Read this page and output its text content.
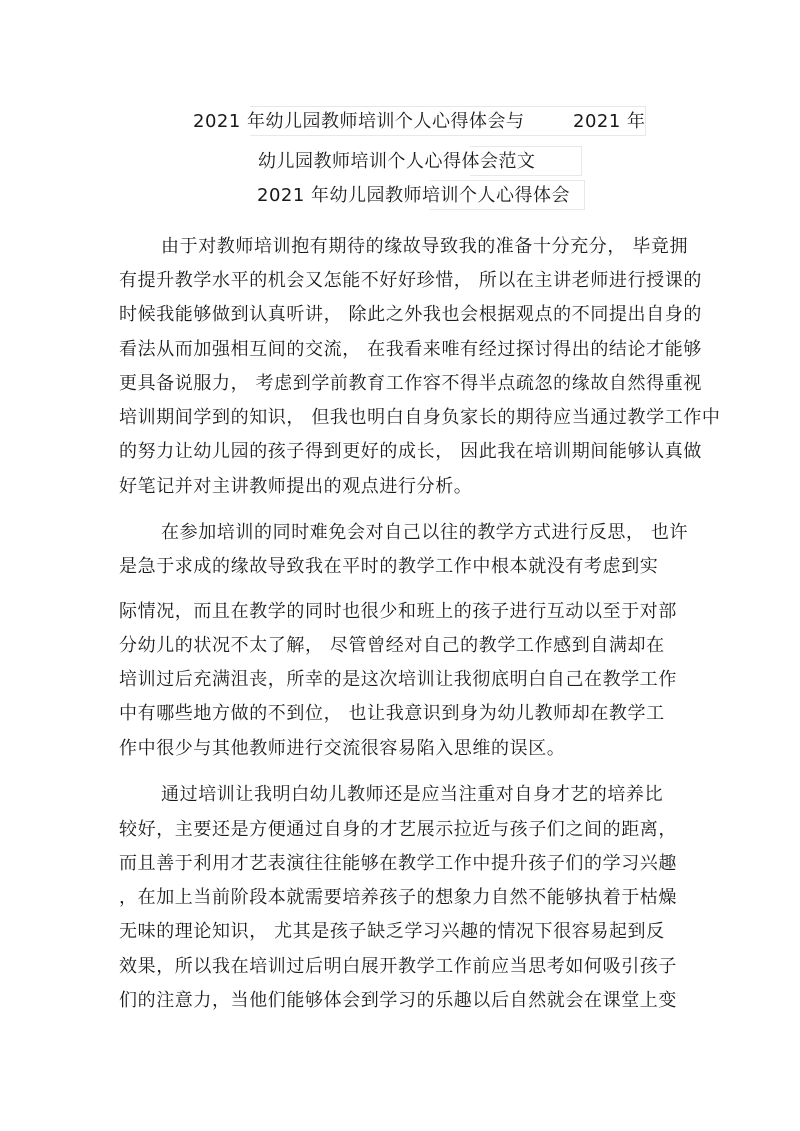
2021 年幼儿园教师培训个人心得体会与	2021 年
幼儿园教师培训个人心得体会范文
2021 年幼儿园教师培训个人心得体会
由于对教师培训抱有期待的缘故导致我的准备十分充分， 毕竟拥
有提升教学水平的机会又怎能不好好珍惜， 所以在主讲老师进行授课的
时候我能够做到认真听讲， 除此之外我也会根据观点的不同提出自身的
看法从而加强相互间的交流， 在我看来唯有经过探讨得出的结论才能够
更具备说服力， 考虑到学前教育工作容不得半点疏忽的缘故自然得重视
培训期间学到的知识， 但我也明白自身负家长的期待应当通过教学工作中
的努力让幼儿园的孩子得到更好的成长， 因此我在培训期间能够认真做
好笔记并对主讲教师提出的观点进行分析。
在参加培训的同时难免会对自己以往的教学方式进行反思， 也许
是急于求成的缘故导致我在平时的教学工作中根本就没有考虑到实
际情况，而且在教学的同时也很少和班上的孩子进行互动以至于对部
分幼儿的状况不太了解， 尽管曾经对自己的教学工作感到自满却在
培训过后充满沮丧，所幸的是这次培训让我彻底明白自己在教学工作
中有哪些地方做的不到位， 也让我意识到身为幼儿教师却在教学工
作中很少与其他教师进行交流很容易陷入思维的误区。
通过培训让我明白幼儿教师还是应当注重对自身才艺的培养比
较好，主要还是方便通过自身的才艺展示拉近与孩子们之间的距离，
而且善于利用才艺表演往往能够在教学工作中提升孩子们的学习兴趣
，在加上当前阶段本就需要培养孩子的想象力自然不能够执着于枯燥
无味的理论知识， 尤其是孩子缺乏学习兴趣的情况下很容易起到反
效果，所以我在培训过后明白展开教学工作前应当思考如何吸引孩子
们的注意力，当他们能够体会到学习的乐趣以后自然就会在课堂上变
